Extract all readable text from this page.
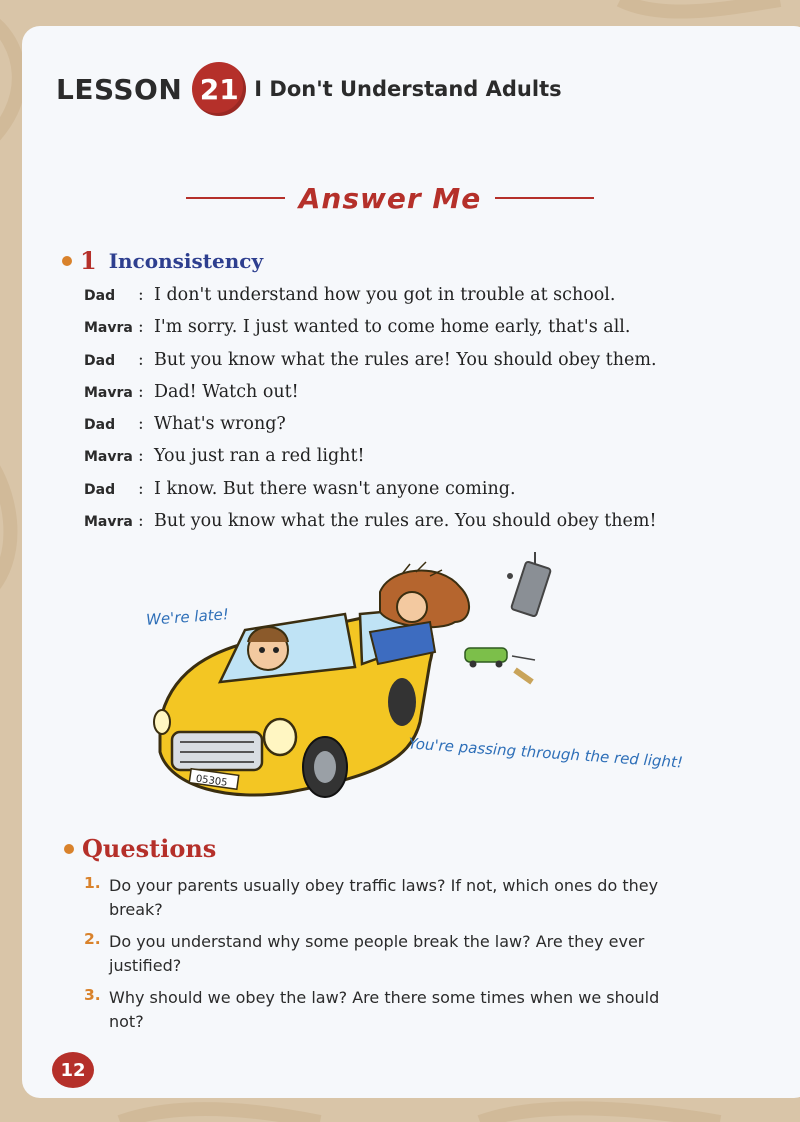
LESSON 21 I Don't Understand Adults
Answer Me
1 Inconsistency
Dad	: I don't understand how you got in trouble at school.
Mavra : I'm sorry. I just wanted to come home early, that's all.
Dad	: But you know what the rules are! You should obey them.
Mavra : Dad! Watch out!
Dad	: What's wrong?
Mavra : You just ran a red light!
Dad	: I know. But there wasn't anyone coming.
Mavra : But you know what the rules are. You should obey them!
05305
We're late!
You're passing through the red light!
Questions
1. Do your parents usually obey traffic laws? If not, which ones do they break?
2. Do you understand why some people break the law? Are they ever justified?
3. Why should we obey the law? Are there some times when we should not?
12
